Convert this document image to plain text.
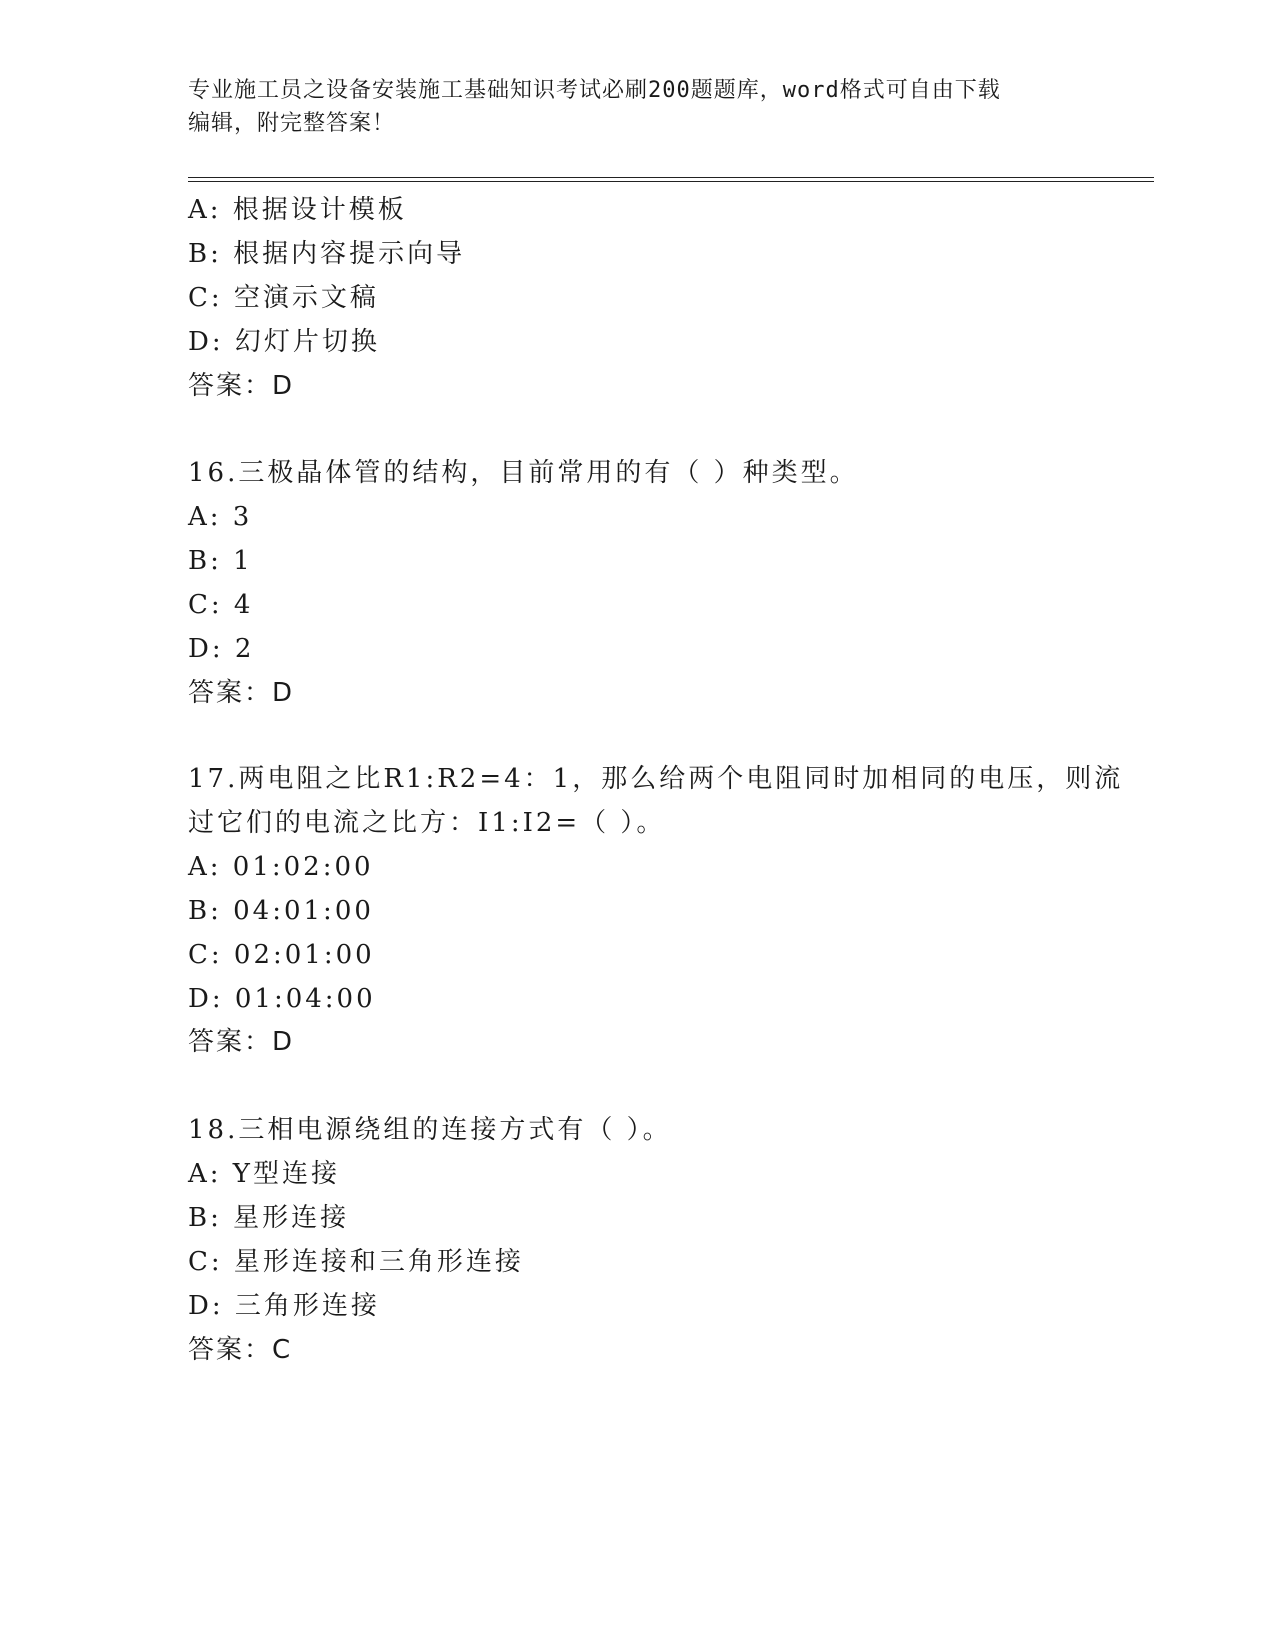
专业施工员之设备安装施工基础知识考试必刷200题题库，word格式可自由下载
编辑，附完整答案！
A: 根据设计模板
B: 根据内容提示向导
C: 空演示文稿
D: 幻灯片切换
答案：D
16.三极晶体管的结构，目前常用的有（ ）种类型。
A: 3
B: 1
C: 4
D: 2
答案：D
17.两电阻之比R1:R2=4：1，那么给两个电阻同时加相同的电压，则流
过它们的电流之比方：I1:I2=（ ）。
A: 01:02:00
B: 04:01:00
C: 02:01:00
D: 01:04:00
答案：D
18.三相电源绕组的连接方式有（ ）。
A: Y型连接
B: 星形连接
C: 星形连接和三角形连接
D: 三角形连接
答案：C
